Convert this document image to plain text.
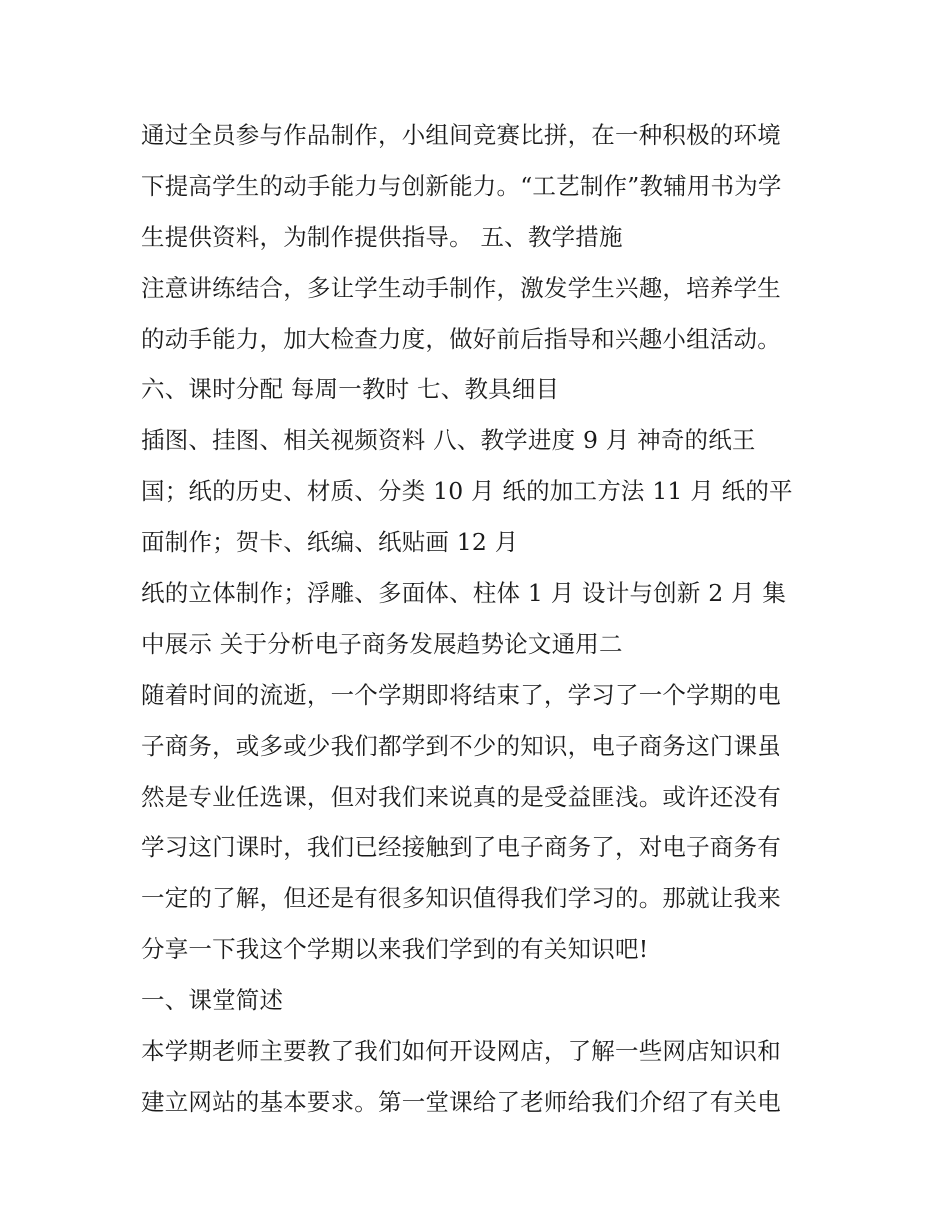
通过全员参与作品制作，小组间竞赛比拼，在一种积极的环境
下提高学生的动手能力与创新能力。“工艺制作”教辅用书为学
生提供资料，为制作提供指导。 五、教学措施
注意讲练结合，多让学生动手制作，激发学生兴趣，培养学生
的动手能力，加大检查力度，做好前后指导和兴趣小组活动。
六、课时分配 每周一教时 七、教具细目
插图、挂图、相关视频资料 八、教学进度 9 月 神奇的纸王
国；纸的历史、材质、分类 10 月 纸的加工方法 11 月 纸的平
面制作；贺卡、纸编、纸贴画 12 月
纸的立体制作；浮雕、多面体、柱体 1 月 设计与创新 2 月 集
中展示 关于分析电子商务发展趋势论文通用二
随着时间的流逝，一个学期即将结束了，学习了一个学期的电
子商务，或多或少我们都学到不少的知识，电子商务这门课虽
然是专业任选课，但对我们来说真的是受益匪浅。或许还没有
学习这门课时，我们已经接触到了电子商务了，对电子商务有
一定的了解，但还是有很多知识值得我们学习的。那就让我来
分享一下我这个学期以来我们学到的有关知识吧!
一、课堂简述
本学期老师主要教了我们如何开设网店，了解一些网店知识和
建立网站的基本要求。第一堂课给了老师给我们介绍了有关电
